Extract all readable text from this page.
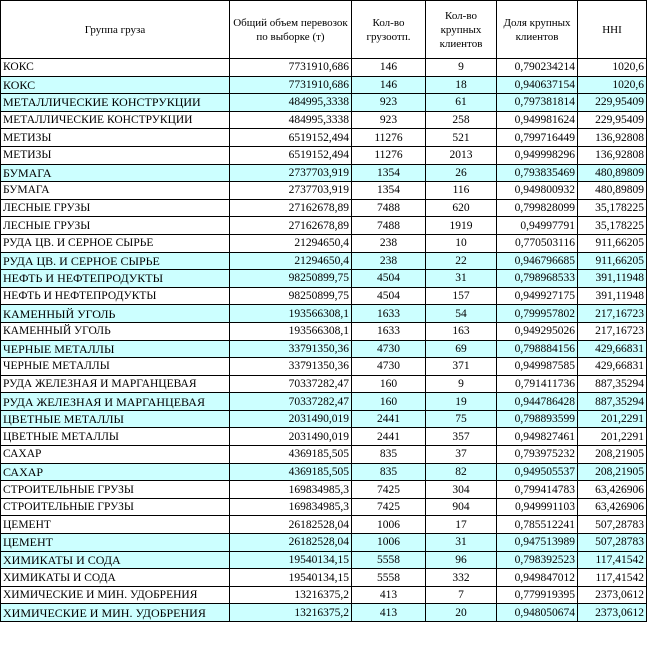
Группа груза	Общий объем перевозок по выборке (т)	Кол-во грузоотп.	Кол-во крупных клиентов	Доля крупных клиентов	HHI
КОКС	7731910,686	146	9	0,790234214	1020,6
КОКС	7731910,686	146	18	0,940637154	1020,6
МЕТАЛЛИЧЕСКИЕ КОНСТРУКЦИИ	484995,3338	923	61	0,797381814	229,95409
МЕТАЛЛИЧЕСКИЕ КОНСТРУКЦИИ	484995,3338	923	258	0,949981624	229,95409
МЕТИЗЫ	6519152,494	11276	521	0,799716449	136,92808
МЕТИЗЫ	6519152,494	11276	2013	0,949998296	136,92808
БУМАГА	2737703,919	1354	26	0,793835469	480,89809
БУМАГА	2737703,919	1354	116	0,949800932	480,89809
ЛЕСНЫЕ ГРУЗЫ	27162678,89	7488	620	0,799828099	35,178225
ЛЕСНЫЕ ГРУЗЫ	27162678,89	7488	1919	0,94997791	35,178225
РУДА ЦВ. И СЕРНОЕ СЫРЬЕ	21294650,4	238	10	0,770503116	911,66205
РУДА ЦВ. И СЕРНОЕ СЫРЬЕ	21294650,4	238	22	0,946796685	911,66205
НЕФТЬ И НЕФТЕПРОДУКТЫ	98250899,75	4504	31	0,798968533	391,11948
НЕФТЬ И НЕФТЕПРОДУКТЫ	98250899,75	4504	157	0,949927175	391,11948
КАМЕННЫЙ УГОЛЬ	193566308,1	1633	54	0,799957802	217,16723
КАМЕННЫЙ УГОЛЬ	193566308,1	1633	163	0,949295026	217,16723
ЧЕРНЫЕ МЕТАЛЛЫ	33791350,36	4730	69	0,798884156	429,66831
ЧЕРНЫЕ МЕТАЛЛЫ	33791350,36	4730	371	0,949987585	429,66831
РУДА ЖЕЛЕЗНАЯ И МАРГАНЦЕВАЯ	70337282,47	160	9	0,791411736	887,35294
РУДА ЖЕЛЕЗНАЯ И МАРГАНЦЕВАЯ	70337282,47	160	19	0,944786428	887,35294
ЦВЕТНЫЕ МЕТАЛЛЫ	2031490,019	2441	75	0,798893599	201,2291
ЦВЕТНЫЕ МЕТАЛЛЫ	2031490,019	2441	357	0,949827461	201,2291
САХАР	4369185,505	835	37	0,793975232	208,21905
САХАР	4369185,505	835	82	0,949505537	208,21905
СТРОИТЕЛЬНЫЕ ГРУЗЫ	169834985,3	7425	304	0,799414783	63,426906
СТРОИТЕЛЬНЫЕ ГРУЗЫ	169834985,3	7425	904	0,949991103	63,426906
ЦЕМЕНТ	26182528,04	1006	17	0,785512241	507,28783
ЦЕМЕНТ	26182528,04	1006	31	0,947513989	507,28783
ХИМИКАТЫ И СОДА	19540134,15	5558	96	0,798392523	117,41542
ХИМИКАТЫ И СОДА	19540134,15	5558	332	0,949847012	117,41542
ХИМИЧЕСКИЕ И МИН. УДОБРЕНИЯ	13216375,2	413	7	0,779919395	2373,0612
ХИМИЧЕСКИЕ И МИН. УДОБРЕНИЯ	13216375,2	413	20	0,948050674	2373,0612
